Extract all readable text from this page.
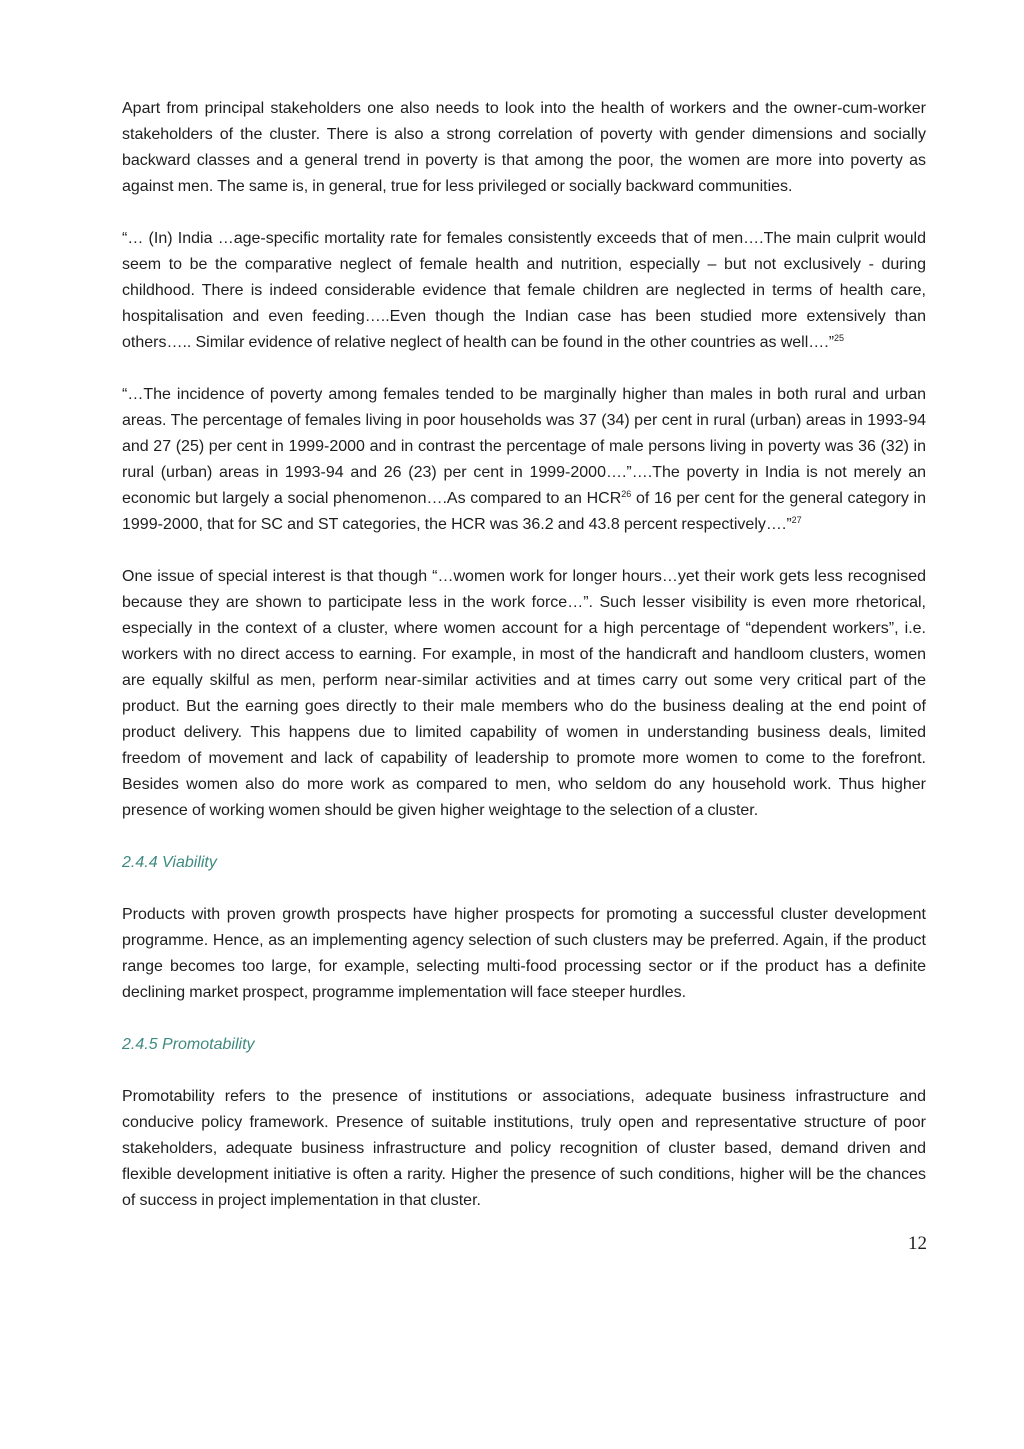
Apart from principal stakeholders one also needs to look into the health of workers and the owner-cum-worker stakeholders of the cluster. There is also a strong correlation of poverty with gender dimensions and socially backward classes and a general trend in poverty is that among the poor, the women are more into poverty as against men. The same is, in general, true for less privileged or socially backward communities.

“… (In) India …age-specific mortality rate for females consistently exceeds that of men….The main culprit would seem to be the comparative neglect of female health and nutrition, especially – but not exclusively - during childhood. There is indeed considerable evidence that female children are neglected in terms of health care, hospitalisation and even feeding…..Even though the Indian case has been studied more extensively than others….. Similar evidence of relative neglect of health can be found in the other countries as well….”$^{25}$

“…The incidence of poverty among females tended to be marginally higher than males in both rural and urban areas. The percentage of females living in poor households was 37 (34) per cent in rural (urban) areas in 1993-94 and 27 (25) per cent in 1999-2000 and in contrast the percentage of male persons living in poverty was 36 (32) in rural (urban) areas in 1993-94 and 26 (23) per cent in 1999-2000….”….The poverty in India is not merely an economic but largely a social phenomenon….As compared to an HCR$^{26}$ of 16 per cent for the general category in 1999-2000, that for SC and ST categories, the HCR was 36.2 and 43.8 percent respectively….”$^{27}$

One issue of special interest is that though “…women work for longer hours…yet their work gets less recognised because they are shown to participate less in the work force…”. Such lesser visibility is even more rhetorical, especially in the context of a cluster, where women account for a high percentage of “dependent workers”, i.e. workers with no direct access to earning. For example, in most of the handicraft and handloom clusters, women are equally skilful as men, perform near-similar activities and at times carry out some very critical part of the product. But the earning goes directly to their male members who do the business dealing at the end point of product delivery. This happens due to limited capability of women in understanding business deals, limited freedom of movement and lack of capability of leadership to promote more women to come to the forefront. Besides women also do more work as compared to men, who seldom do any household work. Thus higher presence of working women should be given higher weightage to the selection of a cluster.

2.4.4 Viability

Products with proven growth prospects have higher prospects for promoting a successful cluster development programme. Hence, as an implementing agency selection of such clusters may be preferred. Again, if the product range becomes too large, for example, selecting multi-food processing sector or if the product has a definite declining market prospect, programme implementation will face steeper hurdles.

2.4.5 Promotability

Promotability refers to the presence of institutions or associations, adequate business infrastructure and conducive policy framework. Presence of suitable institutions, truly open and representative structure of poor stakeholders, adequate business infrastructure and policy recognition of cluster based, demand driven and flexible development initiative is often a rarity. Higher the presence of such conditions, higher will be the chances of success in project implementation in that cluster.

12
